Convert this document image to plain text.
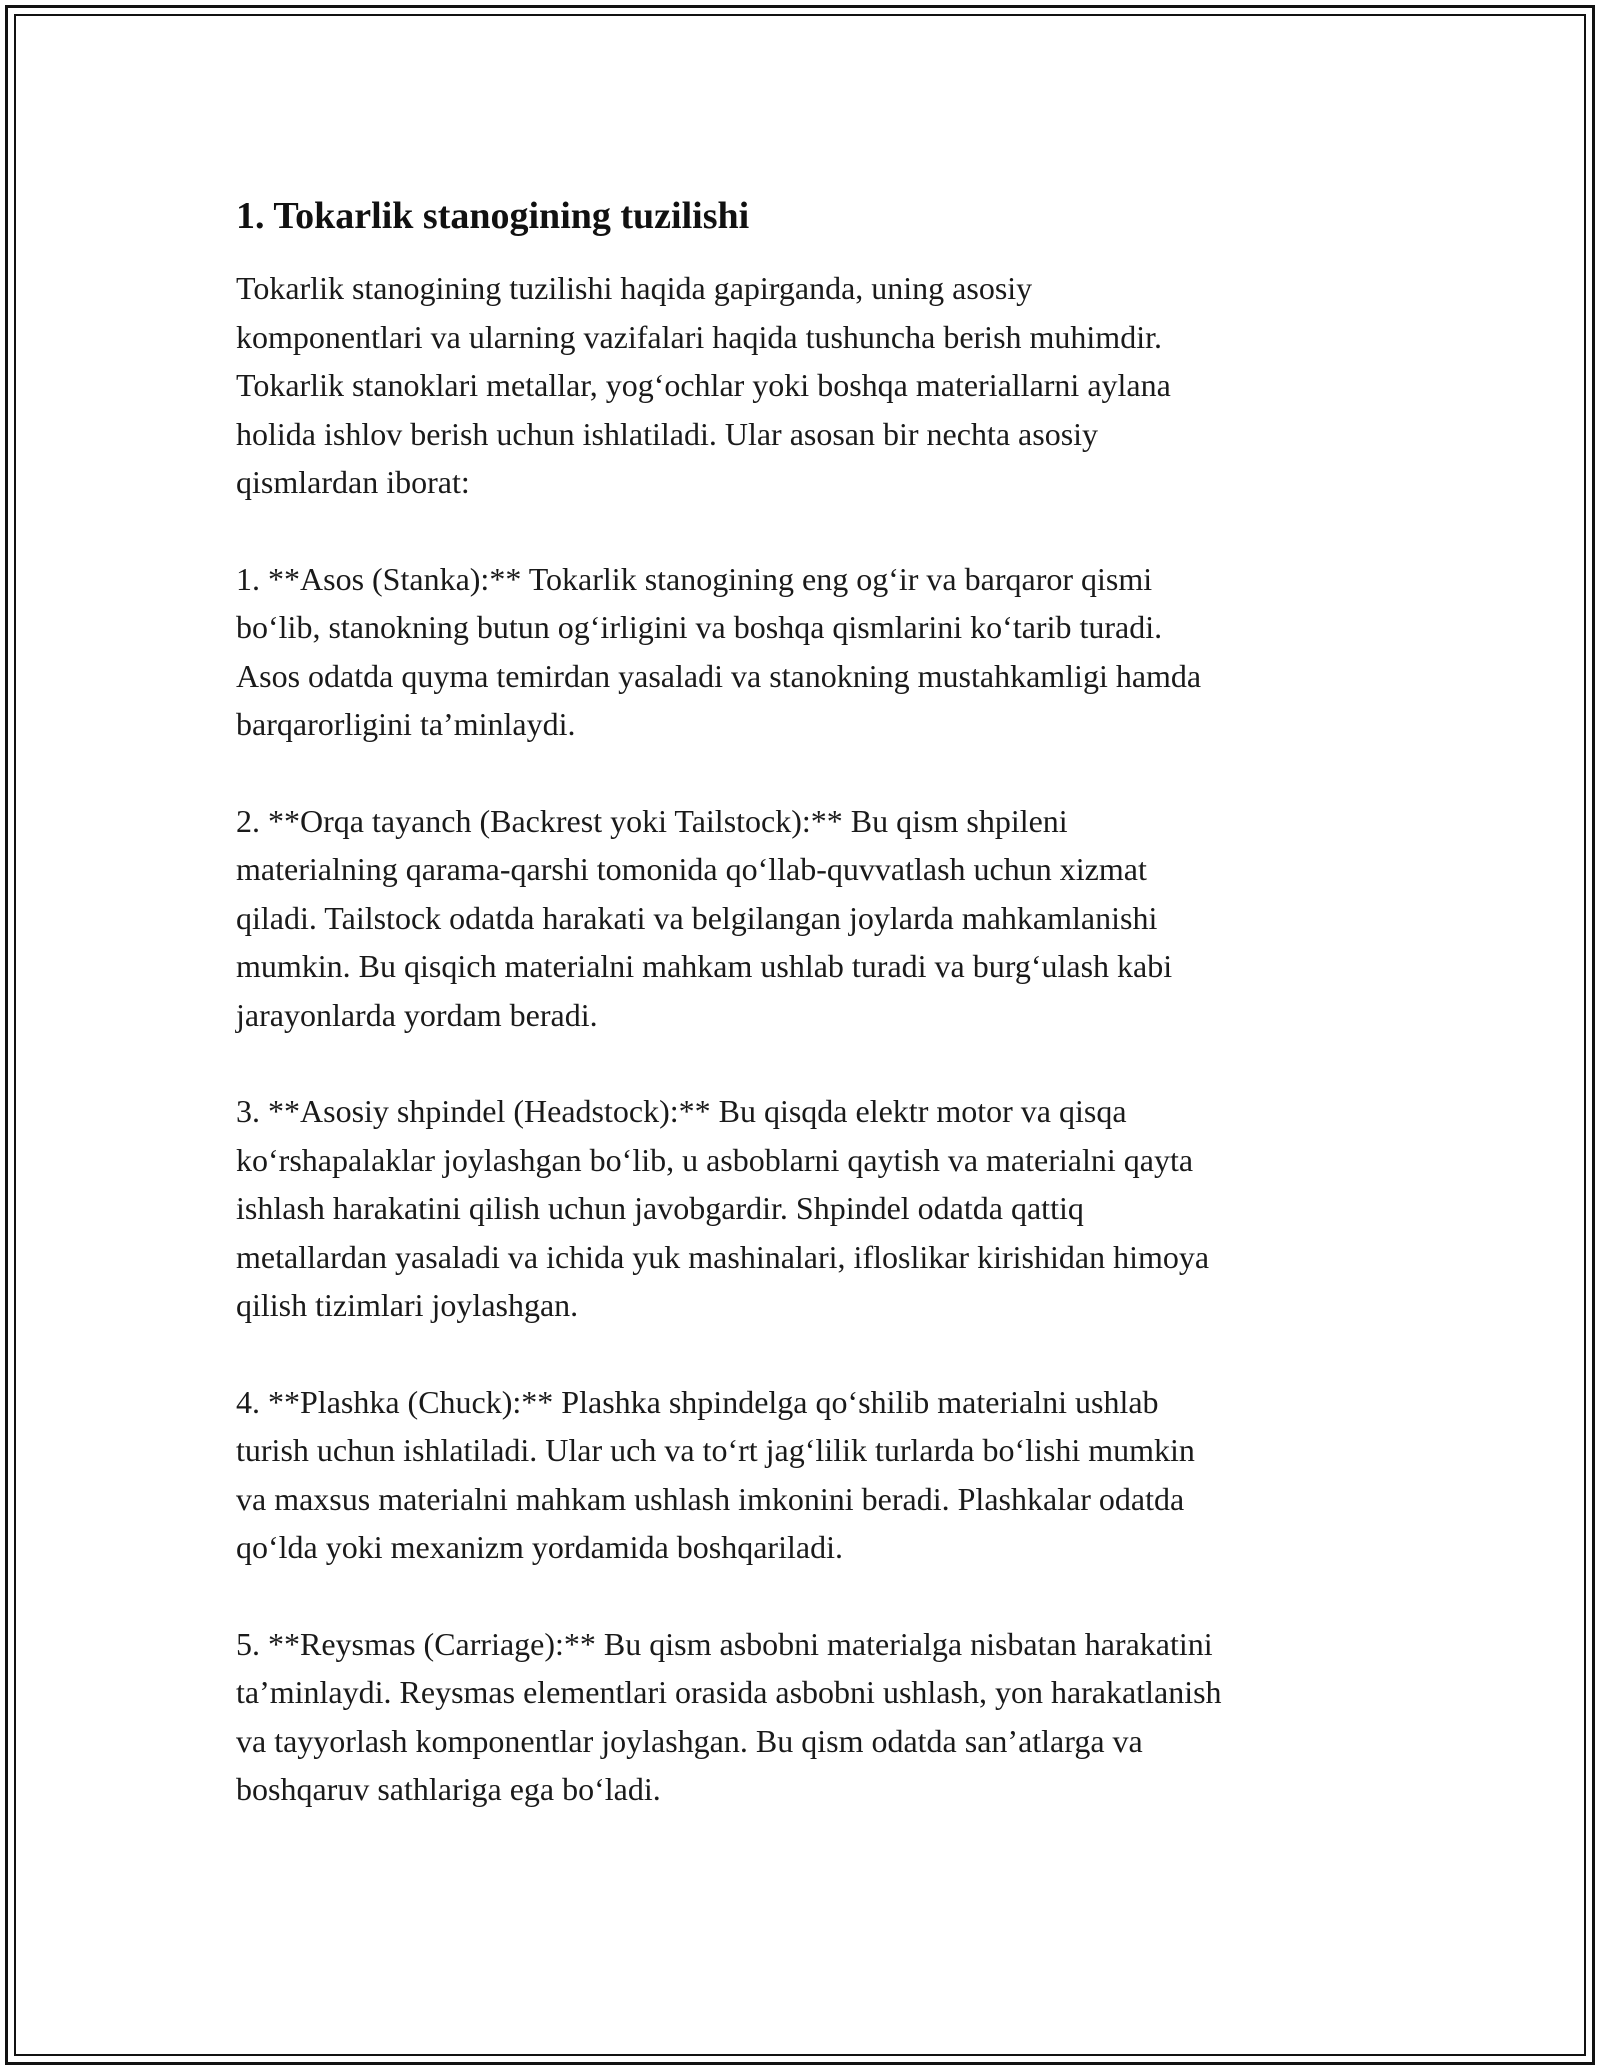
1. Tokarlik stanogining tuzilishi

Tokarlik stanogining tuzilishi haqida gapirganda, uning asosiy
komponentlari va ularning vazifalari haqida tushuncha berish muhimdir.
Tokarlik stanoklari metallar, yog‘ochlar yoki boshqa materiallarni aylana
holida ishlov berish uchun ishlatiladi. Ular asosan bir nechta asosiy
qismlardan iborat:

1. **Asos (Stanka):** Tokarlik stanogining eng og‘ir va barqaror qismi
bo‘lib, stanokning butun og‘irligini va boshqa qismlarini ko‘tarib turadi.
Asos odatda quyma temirdan yasaladi va stanokning mustahkamligi hamda
barqarorligini ta’minlaydi.

2. **Orqa tayanch (Backrest yoki Tailstock):** Bu qism shpileni
materialning qarama-qarshi tomonida qo‘llab-quvvatlash uchun xizmat
qiladi. Tailstock odatda harakati va belgilangan joylarda mahkamlanishi
mumkin. Bu qisqich materialni mahkam ushlab turadi va burg‘ulash kabi
jarayonlarda yordam beradi.

3. **Asosiy shpindel (Headstock):** Bu qisqda elektr motor va qisqa
ko‘rshapalaklar joylashgan bo‘lib, u asboblarni qaytish va materialni qayta
ishlash harakatini qilish uchun javobgardir. Shpindel odatda qattiq
metallardan yasaladi va ichida yuk mashinalari, ifloslikar kirishidan himoya
qilish tizimlari joylashgan.

4. **Plashka (Chuck):** Plashka shpindelga qo‘shilib materialni ushlab
turish uchun ishlatiladi. Ular uch va to‘rt jag‘lilik turlarda bo‘lishi mumkin
va maxsus materialni mahkam ushlash imkonini beradi. Plashkalar odatda
qo‘lda yoki mexanizm yordamida boshqariladi.

5. **Reysmas (Carriage):** Bu qism asbobni materialga nisbatan harakatini
ta’minlaydi. Reysmas elementlari orasida asbobni ushlash, yon harakatlanish
va tayyorlash komponentlar joylashgan. Bu qism odatda san’atlarga va
boshqaruv sathlariga ega bo‘ladi.
